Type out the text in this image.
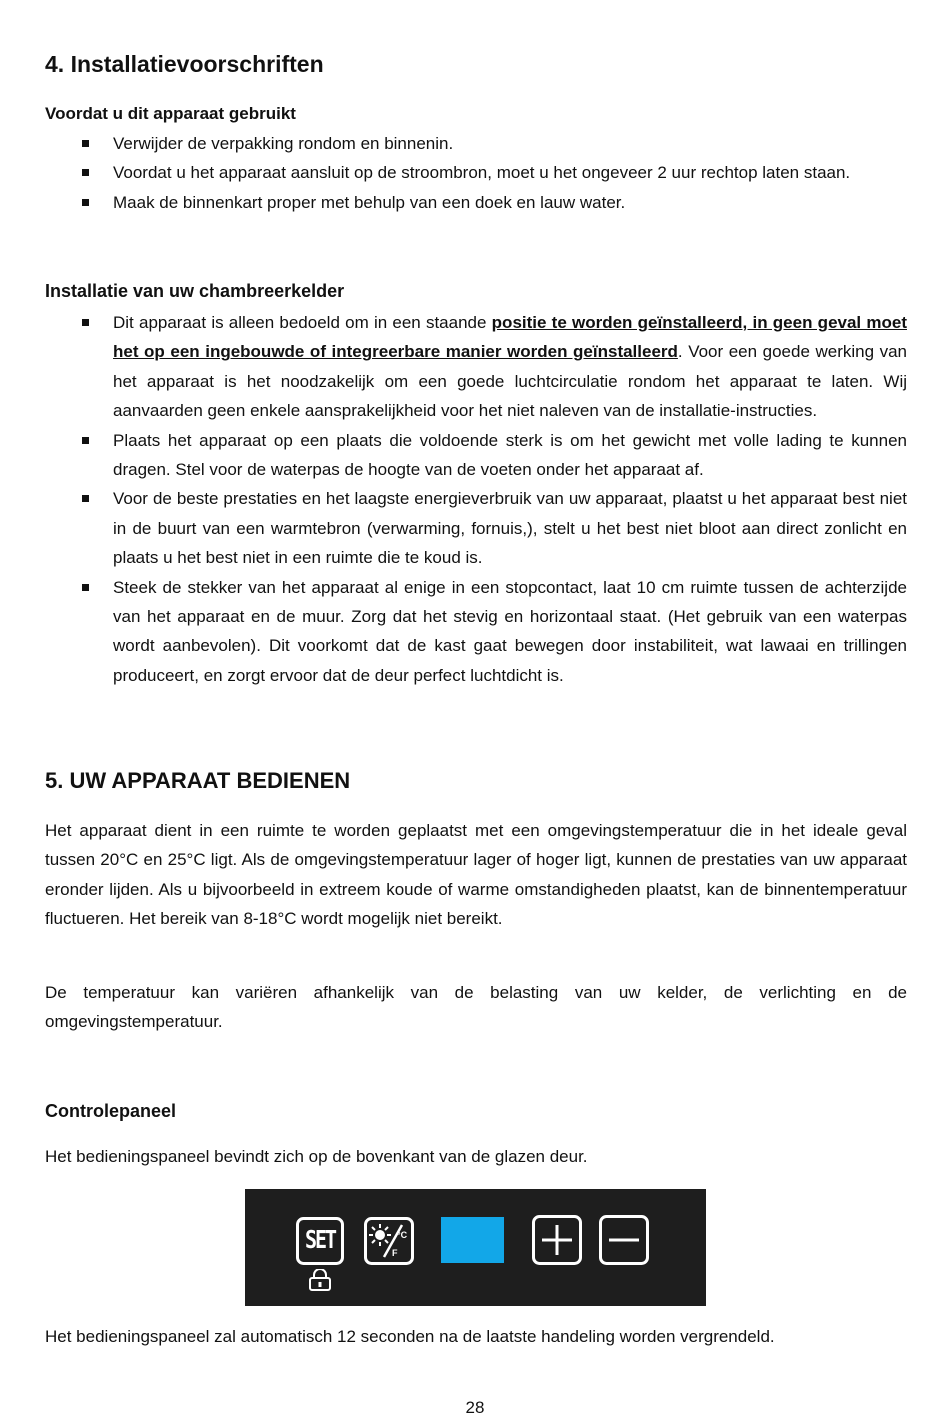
4. Installatievoorschriften
Voordat u dit apparaat gebruikt
Verwijder de verpakking rondom en binnenin.
Voordat u het apparaat aansluit op de stroombron, moet u het ongeveer 2 uur rechtop laten staan.
Maak de binnenkart proper met behulp van een doek en lauw water.
Installatie van uw chambreerkelder
Dit apparaat is alleen bedoeld om in een staande positie te worden geïnstalleerd, in geen geval moet het op een ingebouwde of integreerbare manier worden geïnstalleerd. Voor een goede werking van het apparaat is het noodzakelijk om een goede luchtcirculatie rondom het apparaat te laten. Wij aanvaarden geen enkele aansprakelijkheid voor het niet naleven van de installatie-instructies.
Plaats het apparaat op een plaats die voldoende sterk is om het gewicht met volle lading te kunnen dragen. Stel voor de waterpas de hoogte van de voeten onder het apparaat af.
Voor de beste prestaties en het laagste energieverbruik van uw apparaat, plaatst u het apparaat best niet in de buurt van een warmtebron (verwarming, fornuis,), stelt u het best niet bloot aan direct zonlicht en plaats u het best niet in een ruimte die te koud is.
Steek de stekker van het apparaat al enige in een stopcontact, laat 10 cm ruimte tussen de achterzijde van het apparaat en de muur. Zorg dat het stevig en horizontaal staat. (Het gebruik van een waterpas wordt aanbevolen). Dit voorkomt dat de kast gaat bewegen door instabiliteit, wat lawaai en trillingen produceert, en zorgt ervoor dat de deur perfect luchtdicht is.
5. UW APPARAAT BEDIENEN

Het apparaat dient in een ruimte te worden geplaatst met een omgevingstemperatuur die in het ideale geval tussen 20°C en 25°C ligt. Als de omgevingstemperatuur lager of hoger ligt, kunnen de prestaties van uw apparaat eronder lijden. Als u bijvoorbeeld in extreem koude of warme omstandigheden plaatst, kan de binnentemperatuur fluctueren. Het bereik van 8-18°C wordt mogelijk niet bereikt.

De temperatuur kan variëren afhankelijk van de belasting van uw kelder, de verlichting en de omgevingstemperatuur.

Controlepaneel

Het bedieningspaneel bevindt zich op de bovenkant van de glazen deur.

Het bedieningspaneel zal automatisch 12 seconden na de laatste handeling worden vergrendeld.

SET	°C
F
28
